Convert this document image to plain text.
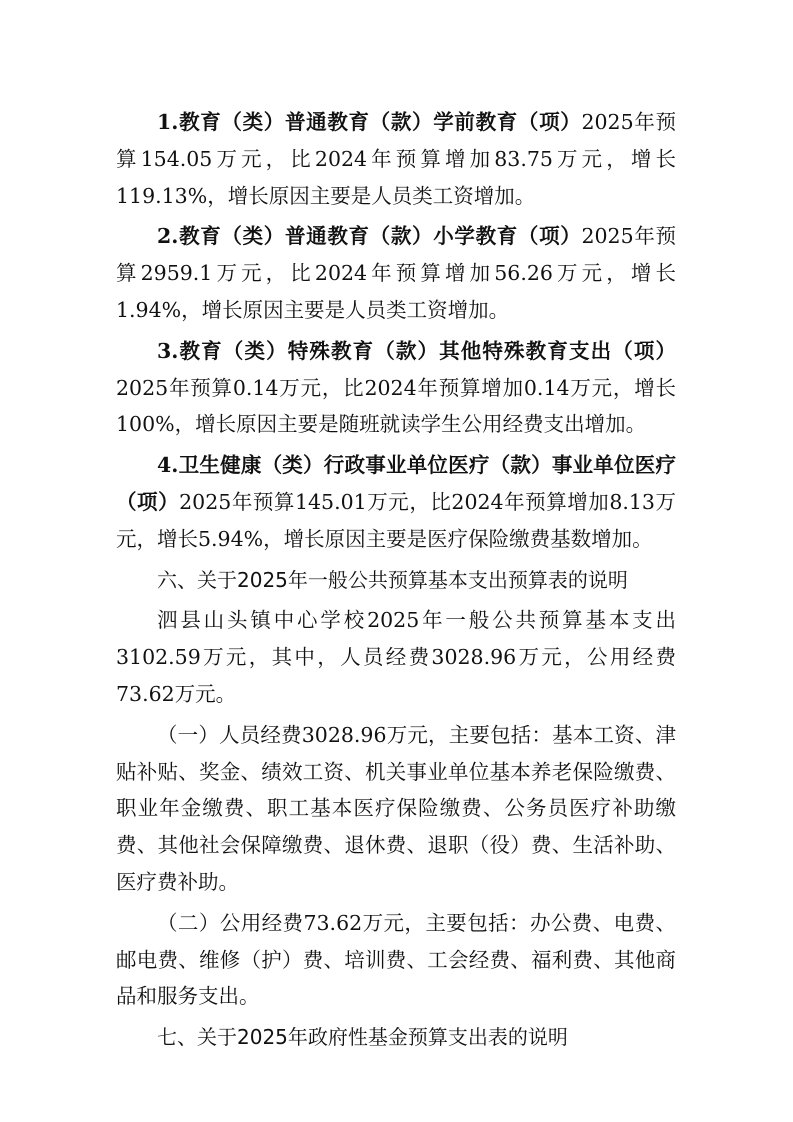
1.教育（类）普通教育（款）学前教育（项）2025年预算154.05万元，比2024年预算增加83.75万元，增长119.13%，增长原因主要是人员类工资增加。

2.教育（类）普通教育（款）小学教育（项）2025年预算2959.1万元，比2024年预算增加56.26万元，增长1.94%，增长原因主要是人员类工资增加。

3.教育（类）特殊教育（款）其他特殊教育支出（项）2025年预算0.14万元，比2024年预算增加0.14万元，增长100%，增长原因主要是随班就读学生公用经费支出增加。

4.卫生健康（类）行政事业单位医疗（款）事业单位医疗（项）2025年预算145.01万元，比2024年预算增加8.13万元，增长5.94%，增长原因主要是医疗保险缴费基数增加。

六、关于2025年一般公共预算基本支出预算表的说明

泗县山头镇中心学校2025年一般公共预算基本支出3102.59万元，其中，人员经费3028.96万元，公用经费73.62万元。

（一）人员经费3028.96万元，主要包括：基本工资、津贴补贴、奖金、绩效工资、机关事业单位基本养老保险缴费、职业年金缴费、职工基本医疗保险缴费、公务员医疗补助缴费、其他社会保障缴费、退休费、退职（役）费、生活补助、医疗费补助。

（二）公用经费73.62万元，主要包括：办公费、电费、邮电费、维修（护）费、培训费、工会经费、福利费、其他商品和服务支出。

七、关于2025年政府性基金预算支出表的说明
